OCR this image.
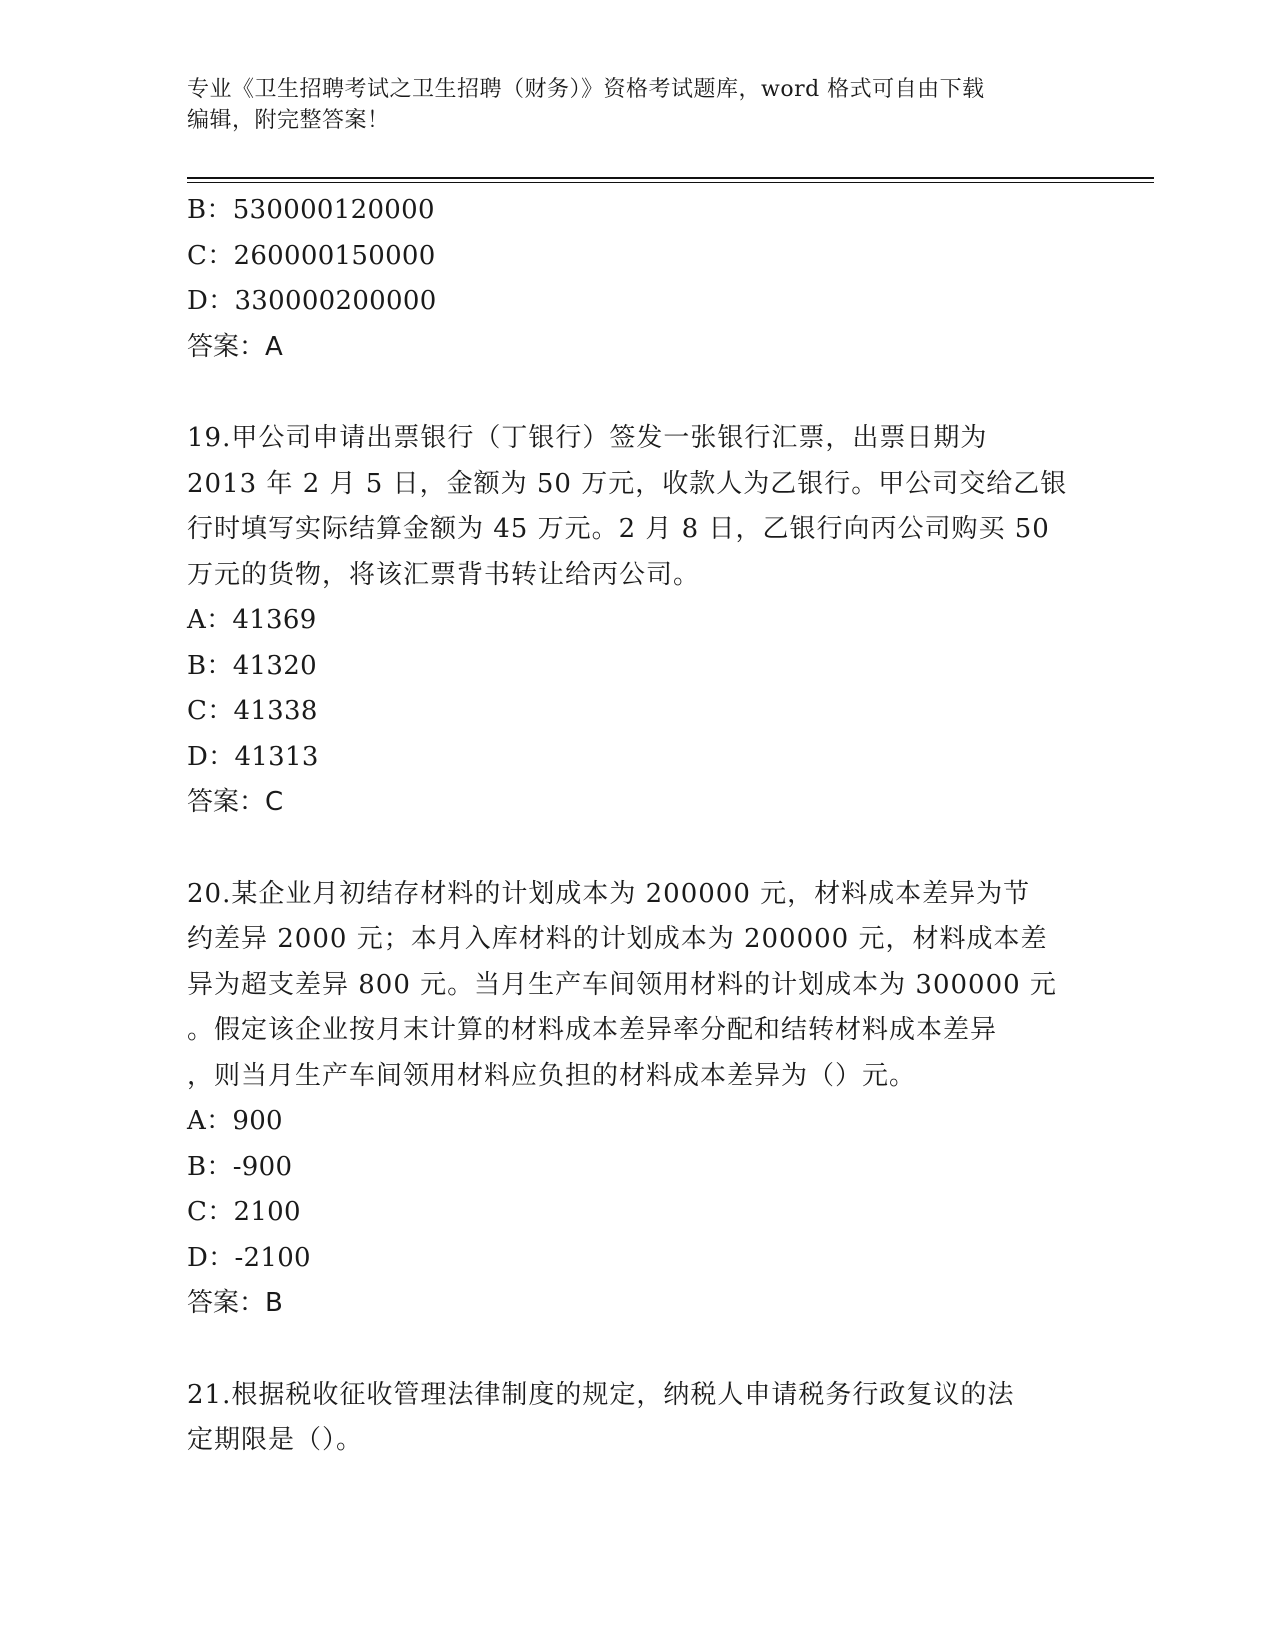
专业《卫生招聘考试之卫生招聘（财务）》资格考试题库，word 格式可自由下载
编辑，附完整答案！
B：530000120000
C：260000150000
D：330000200000
答案：A
19.甲公司申请出票银行（丁银行）签发一张银行汇票，出票日期为
2013 年 2 月 5 日，金额为 50 万元，收款人为乙银行。甲公司交给乙银
行时填写实际结算金额为 45 万元。2 月 8 日，乙银行向丙公司购买 50
万元的货物，将该汇票背书转让给丙公司。
A：41369
B：41320
C：41338
D：41313
答案：C
20.某企业月初结存材料的计划成本为 200000 元，材料成本差异为节
约差异 2000 元；本月入库材料的计划成本为 200000 元，材料成本差
异为超支差异 800 元。当月生产车间领用材料的计划成本为 300000 元
。假定该企业按月末计算的材料成本差异率分配和结转材料成本差异
，则当月生产车间领用材料应负担的材料成本差异为（）元。
A：900
B：-900
C：2100
D：-2100
答案：B
21.根据税收征收管理法律制度的规定，纳税人申请税务行政复议的法
定期限是（）。
